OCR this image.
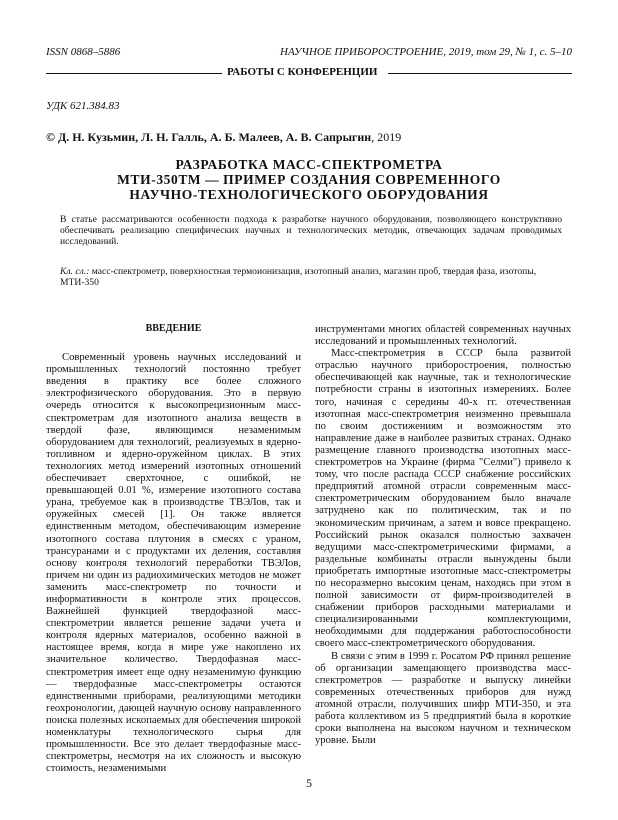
ISSN 0868–5886	НАУЧНОЕ ПРИБОРОСТРОЕНИЕ, 2019, том 29, № 1, c. 5–10
РАБОТЫ С КОНФЕРЕНЦИИ
УДК 621.384.83
© Д. Н. Кузьмин, Л. Н. Галль, А. Б. Малеев, А. В. Сапрыгин, 2019
РАЗРАБОТКА МАСС-СПЕКТРОМЕТРА
МТИ-350ТМ — ПРИМЕР СОЗДАНИЯ СОВРЕМЕННОГО
НАУЧНО-ТЕХНОЛОГИЧЕСКОГО ОБОРУДОВАНИЯ
В статье рассматриваются особенности подхода к разработке научного оборудования, позволяющего конструктивно обеспечивать реализацию специфических научных и технологических методик, отвечающих задачам проводимых исследований.
Кл. сл.: масс-спектрометр, поверхностная термоионизация, изотопный анализ, магазин проб, твердая фаза, изотопы, МТИ-350

ВВЕДЕНИЕ

Современный уровень научных исследований и промышленных технологий постоянно требует введения в практику все более сложного электрофизического оборудования. Это в первую очередь относится к высокопрецизионным масс-спектрометрам для изотопного анализа веществ в твердой фазе, являющимся незаменимым оборудованием для технологий, реализуемых в ядерно-топливном и ядерно-оружейном циклах. В этих технологиях метод измерений изотопных отношений обеспечивает сверхточное, с ошибкой, не превышающей 0.01 %, измерение изотопного состава урана, требуемое как в производстве ТВЭЛов, так и оружейных смесей [1]. Он также является единственным методом, обеспечивающим измерение изотопного состава плутония в смесях с ураном, трансуранами и с продуктами их деления, составляя основу контроля технологий переработки ТВЭЛов, причем ни один из радиохимических методов не может заменить масс-спектрометр по точности и информативности в контроле этих процессов. Важнейшей функцией твердофазной масс-спектрометрии является решение задачи учета и контроля ядерных материалов, особенно важной в настоящее время, когда в мире уже накоплено их значительное количество. Твердофазная масс-спектрометрия имеет еще одну незаменимую функцию — твердофазные масс-спектрометры остаются единственными приборами, реализующими методики геохронологии, дающей научную основу направленного поиска полезных ископаемых для обеспечения широкой номенклатуры технологического сырья для промышленности. Все это делает твердофазные масс-спектрометры, несмотря на их сложность и высокую стоимость, незаменимыми

инструментами многих областей современных научных исследований и промышленных технологий.

Масс-спектрометрия в СССР была развитой отраслью научного приборостроения, полностью обеспечивающей как научные, так и технологические потребности страны в изотопных измерениях. Более того, начиная с середины 40-х гг. отечественная изотопная масс-спектрометрия неизменно превышала по своим достижениям и возможностям это направление даже в наиболее развитых странах. Однако размещение главного производства изотопных масс-спектрометров на Украине (фирма "Селми") привело к тому, что после распада СССР снабжение российских предприятий атомной отрасли современным масс-спектрометрическим оборудованием было вначале затруднено как по политическим, так и по экономическим причинам, а затем и вовсе прекращено. Российский рынок оказался полностью захвачен ведущими масс-спектрометрическими фирмами, а раздельные комбинаты отрасли вынуждены были приобретать импортные изотопные масс-спектрометры по несоразмерно высоким ценам, находясь при этом в полной зависимости от фирм-производителей в снабжении приборов расходными материалами и специализированными комплектующими, необходимыми для поддержания работоспособности своего масс-спектрометрического оборудования.

В связи с этим в 1999 г. Росатом РФ принял решение об организации замещающего производства масс-спектрометров — разработке и выпуску линейки современных отечественных приборов для нужд атомной отрасли, получивших шифр МТИ-350, и эта работа коллективом из 5 предприятий была в короткие сроки выполнена на высоком научном и техническом уровне. Были

5
